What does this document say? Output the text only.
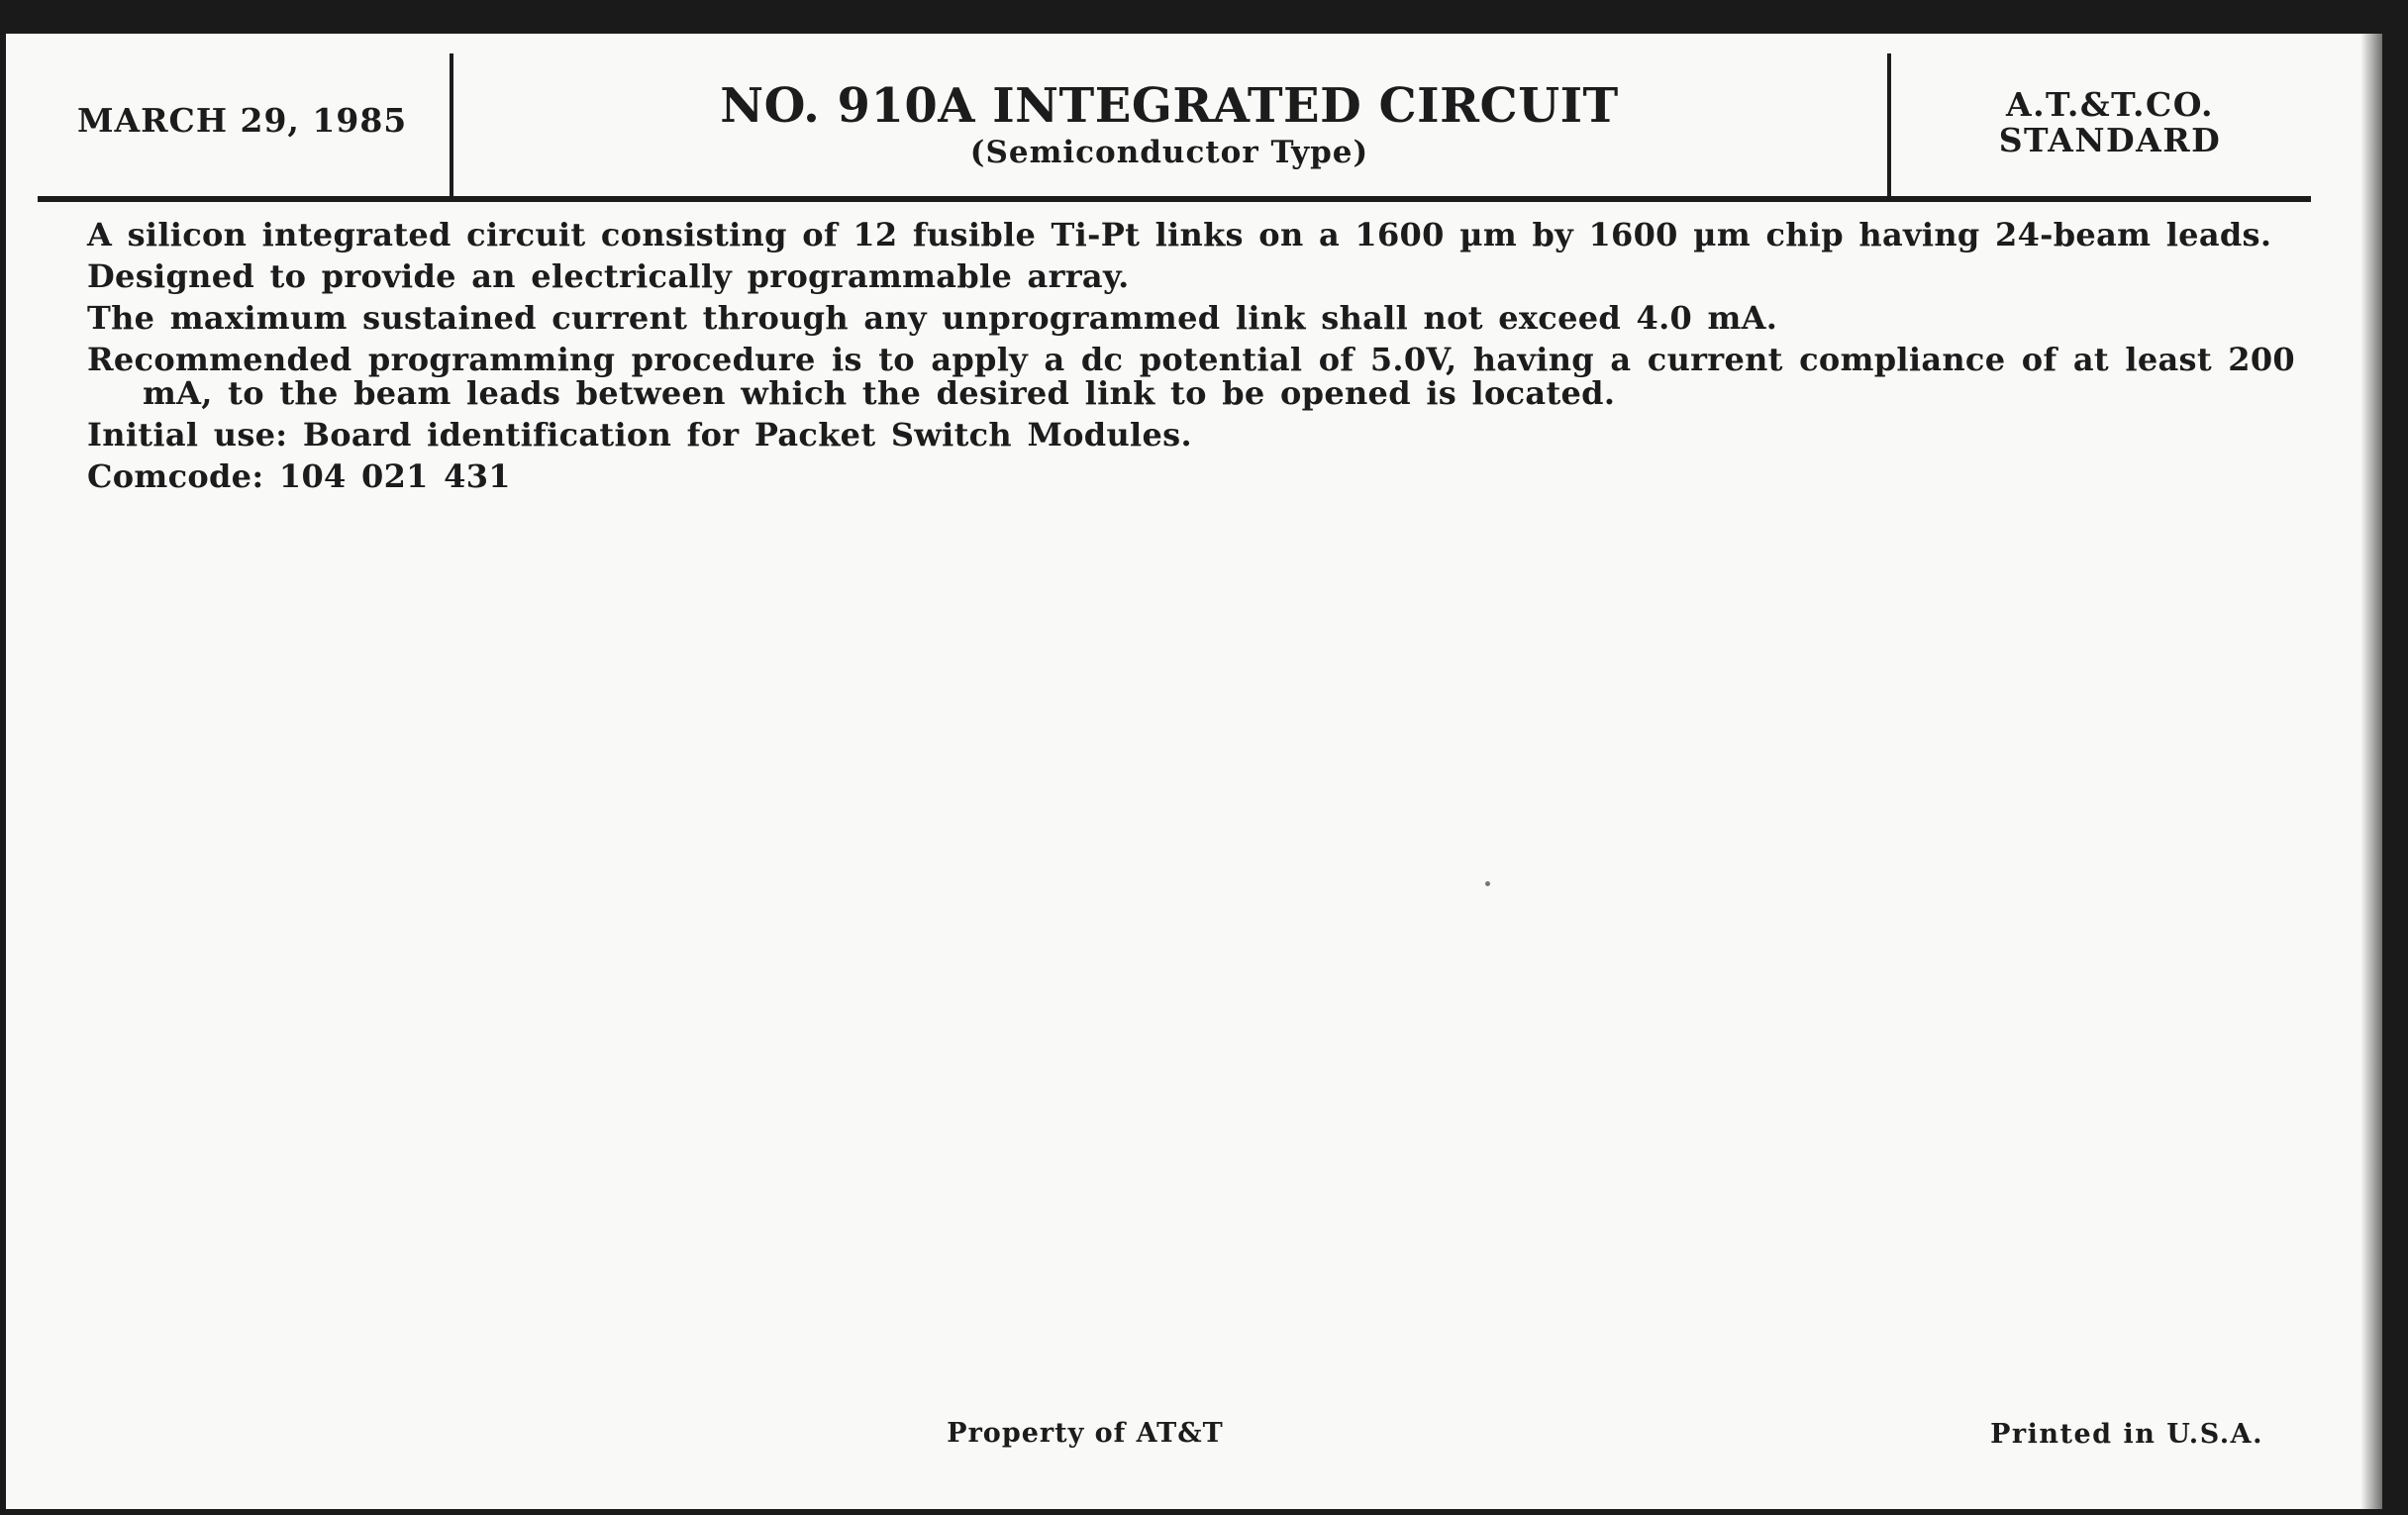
MARCH 29, 1985	NO. 910A INTEGRATED CIRCUIT
(Semiconductor Type)
A.T.&T.CO.
STANDARD

A silicon integrated circuit consisting of 12 fusible Ti-Pt links on a 1600 µm by 1600 µm chip having 24-beam leads.

Designed to provide an electrically programmable array.

The maximum sustained current through any unprogrammed link shall not exceed 4.0 mA.

Recommended programming procedure is to apply a dc potential of 5.0V, having a current compliance of at least 200 mA, to the beam leads between which the desired link to be opened is located.

Initial use: Board identification for Packet Switch Modules.

Comcode: 104 021 431

Property of AT&T	Printed in U.S.A.
